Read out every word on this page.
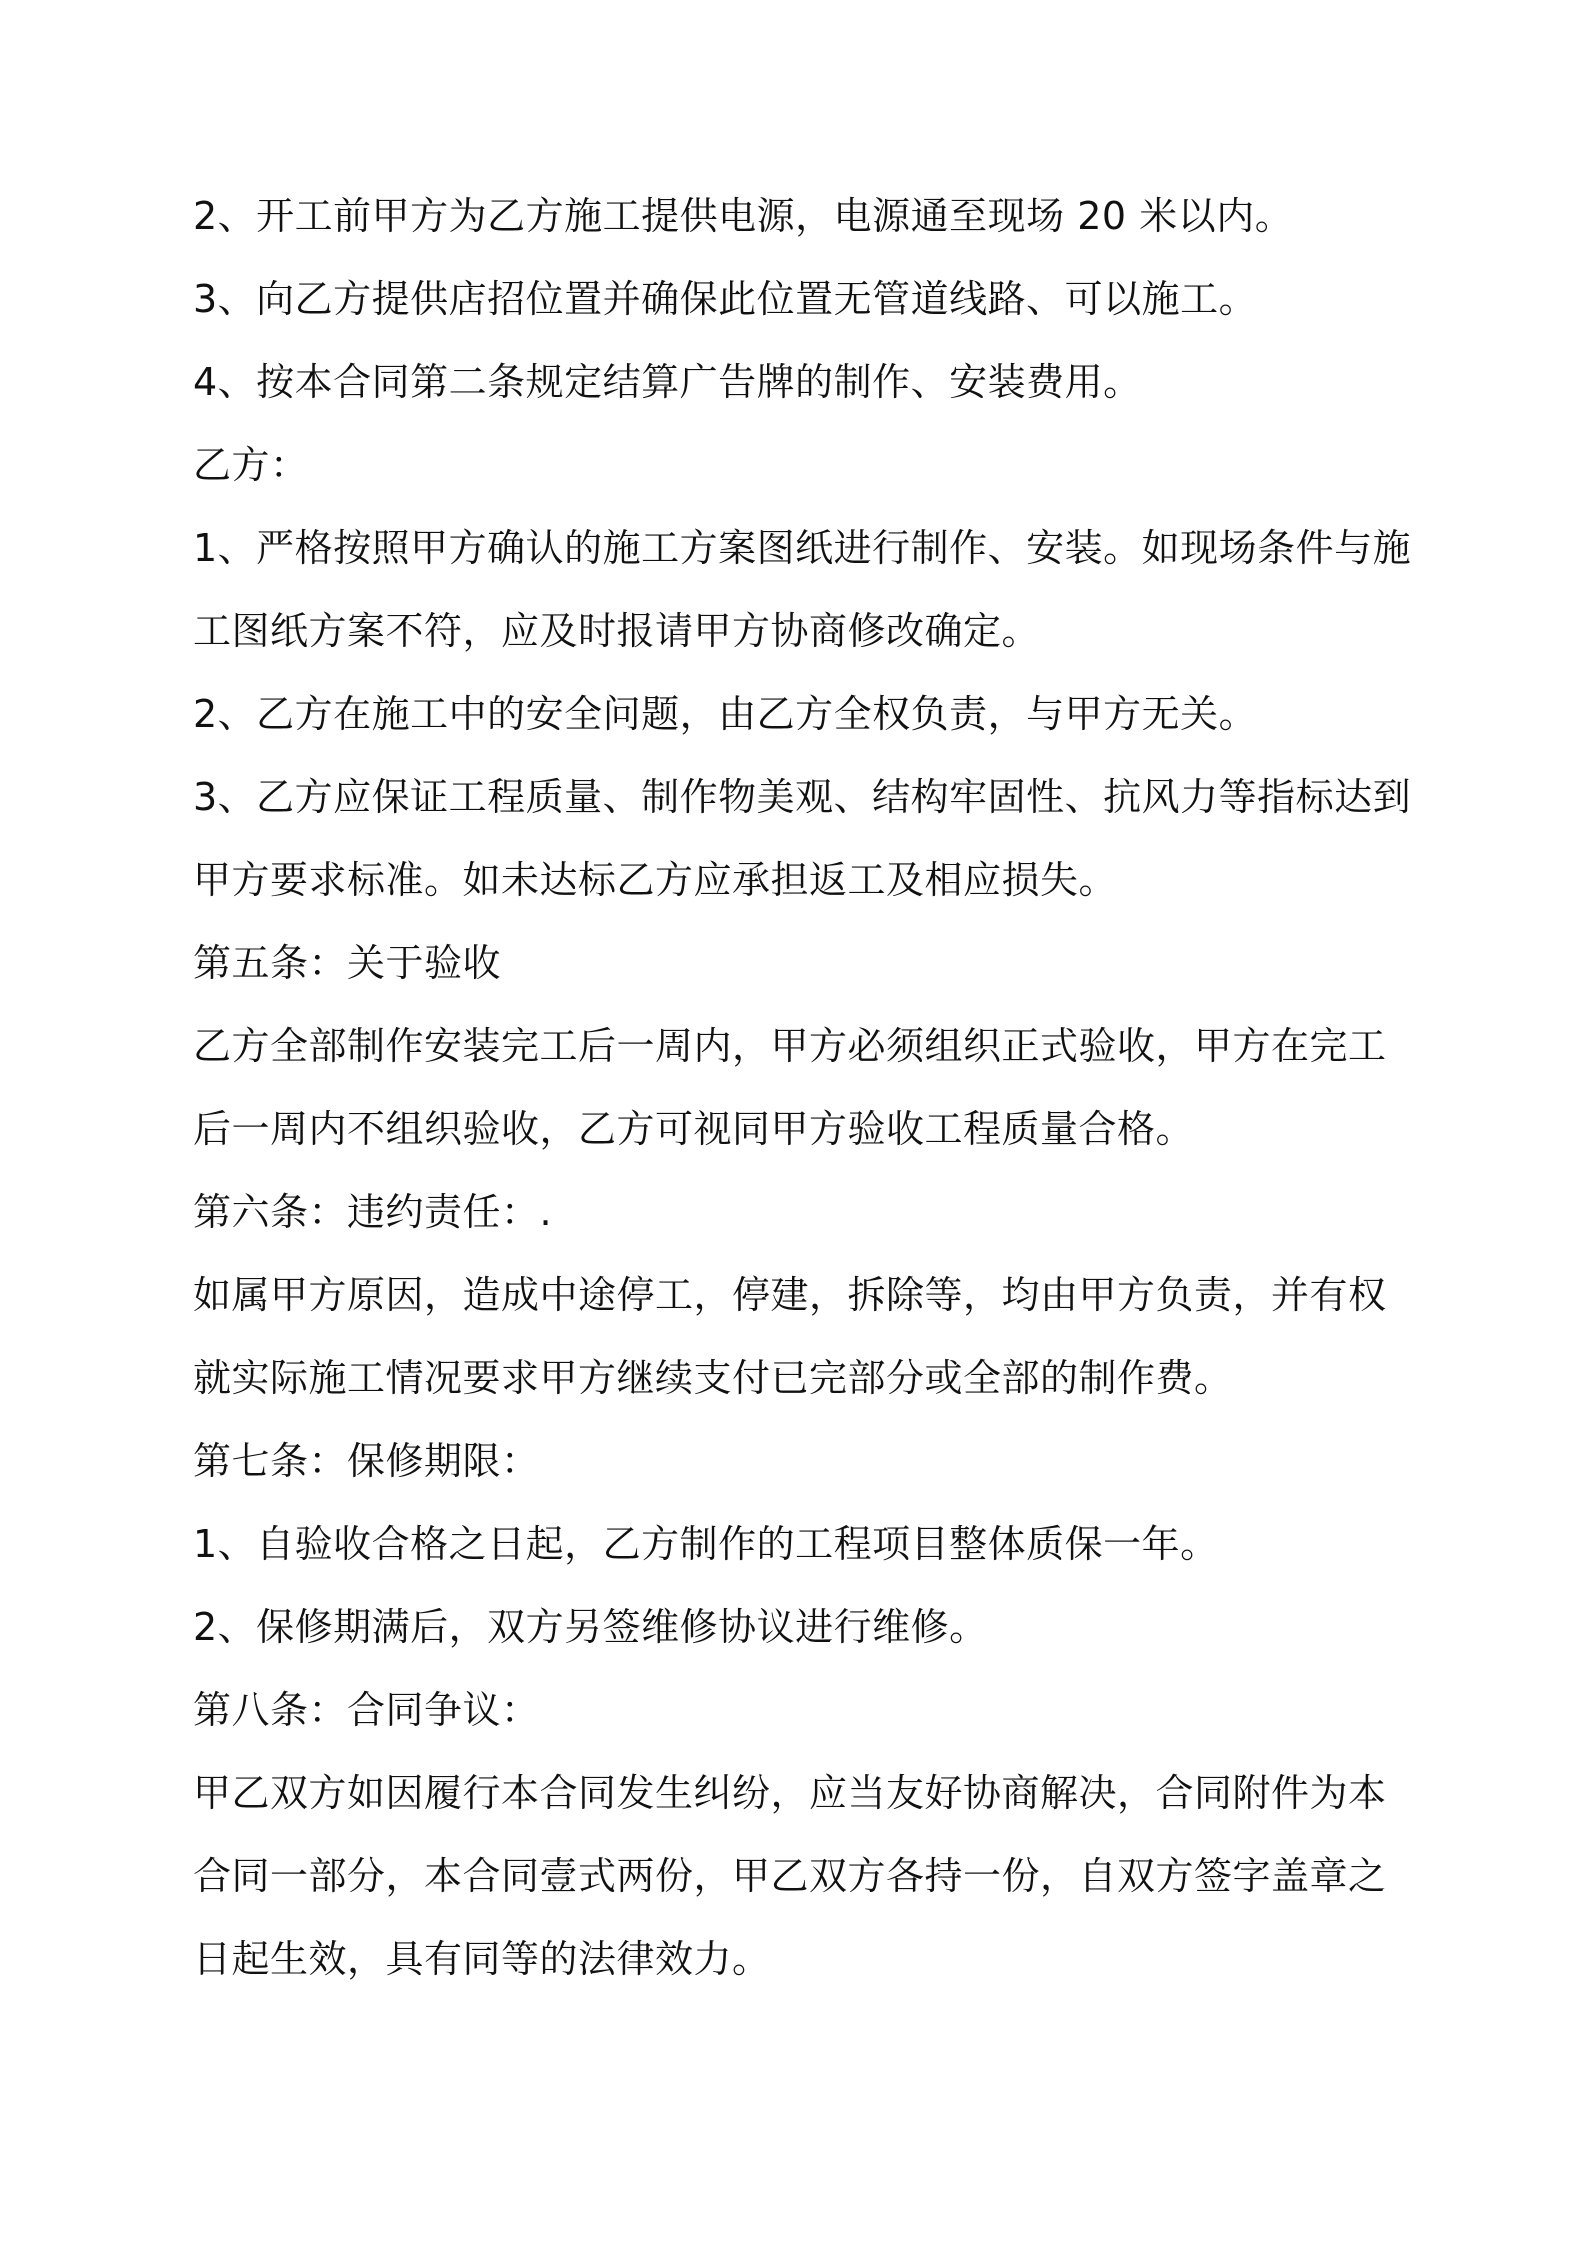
2、开工前甲方为乙方施工提供电源，电源通至现场 20 米以内。
3、向乙方提供店招位置并确保此位置无管道线路、可以施工。
4、按本合同第二条规定结算广告牌的制作、安装费用。
乙方：
1、严格按照甲方确认的施工方案图纸进行制作、安装。如现场条件与施
工图纸方案不符，应及时报请甲方协商修改确定。
2、乙方在施工中的安全问题，由乙方全权负责，与甲方无关。
3、乙方应保证工程质量、制作物美观、结构牢固性、抗风力等指标达到
甲方要求标准。如未达标乙方应承担返工及相应损失。
第五条：关于验收
乙方全部制作安装完工后一周内，甲方必须组织正式验收，甲方在完工
后一周内不组织验收，乙方可视同甲方验收工程质量合格。
第六条：违约责任：.
如属甲方原因，造成中途停工，停建，拆除等，均由甲方负责，并有权
就实际施工情况要求甲方继续支付已完部分或全部的制作费。
第七条：保修期限：
1、自验收合格之日起，乙方制作的工程项目整体质保一年。
2、保修期满后，双方另签维修协议进行维修。
第八条：合同争议：
甲乙双方如因履行本合同发生纠纷，应当友好协商解决，合同附件为本
合同一部分，本合同壹式两份，甲乙双方各持一份，自双方签字盖章之
日起生效，具有同等的法律效力。
